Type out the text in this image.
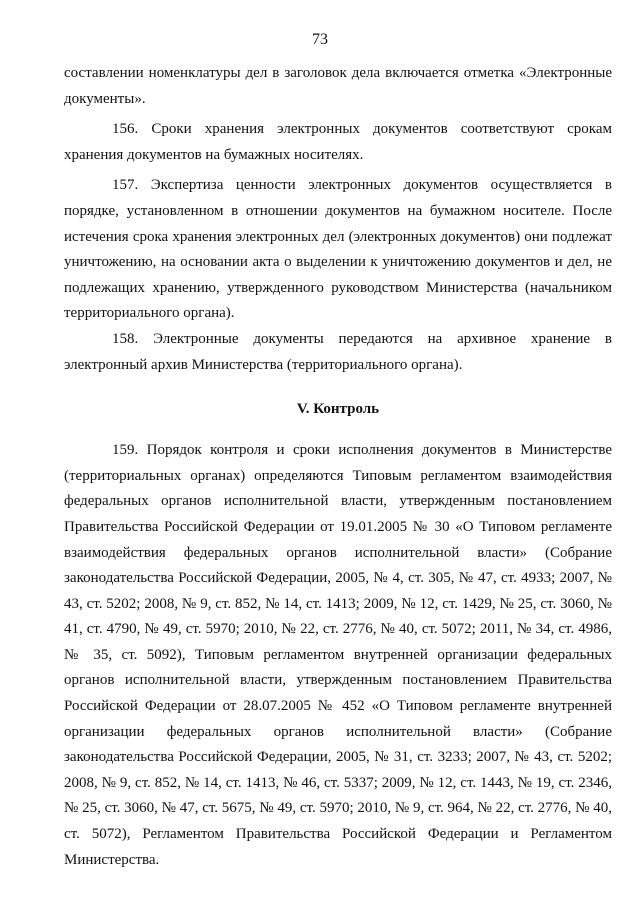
73

составлении номенклатуры дел в заголовок дела включается отметка «Электронные документы».

156. Сроки хранения электронных документов соответствуют срокам хранения документов на бумажных носителях.

157. Экспертиза ценности электронных документов осуществляется в порядке, установленном в отношении документов на бумажном носителе. После истечения срока хранения электронных дел (электронных документов) они подлежат уничтожению, на основании акта о выделении к уничтожению документов и дел, не подлежащих хранению, утвержденного руководством Министерства (начальником территориального органа).

158. Электронные документы передаются на архивное хранение в электронный архив Министерства (территориального органа).

V. Контроль

159. Порядок контроля и сроки исполнения документов в Министерстве (территориальных органах) определяются Типовым регламентом взаимодействия федеральных органов исполнительной власти, утвержденным постановлением Правительства Российской Федерации от 19.01.2005 № 30 «О Типовом регламенте взаимодействия федеральных органов исполнительной власти» (Собрание законодательства Российской Федерации, 2005, № 4, ст. 305, № 47, ст. 4933; 2007, № 43, ст. 5202; 2008, № 9, ст. 852, № 14, ст. 1413; 2009, № 12, ст. 1429, № 25, ст. 3060, № 41, ст. 4790, № 49, ст. 5970; 2010, № 22, ст. 2776, № 40, ст. 5072; 2011, № 34, ст. 4986, № 35, ст. 5092), Типовым регламентом внутренней организации федеральных органов исполнительной власти, утвержденным постановлением Правительства Российской Федерации от 28.07.2005 № 452 «О Типовом регламенте внутренней организации федеральных органов исполнительной власти» (Собрание законодательства Российской Федерации, 2005, № 31, ст. 3233; 2007, № 43, ст. 5202; 2008, № 9, ст. 852, № 14, ст. 1413, № 46, ст. 5337; 2009, № 12, ст. 1443, № 19, ст. 2346, № 25, ст. 3060, № 47, ст. 5675, № 49, ст. 5970; 2010, № 9, ст. 964, № 22, ст. 2776, № 40, ст. 5072), Регламентом Правительства Российской Федерации и Регламентом Министерства.
